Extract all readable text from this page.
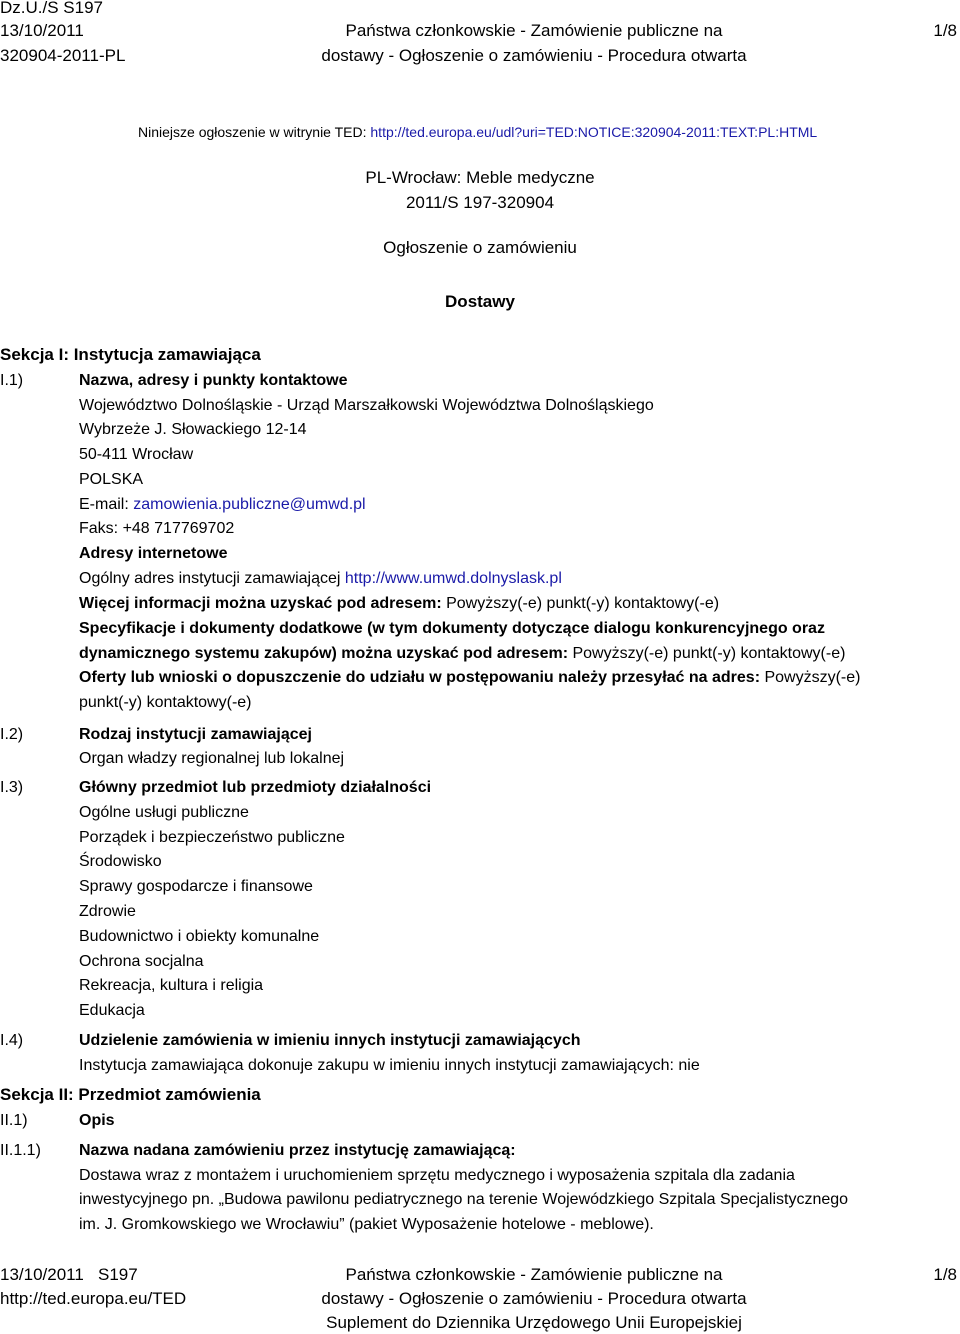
Dz.U./S S197
13/10/2011
320904-2011-PL
Państwa członkowskie - Zamówienie publiczne na
dostawy - Ogłoszenie o zamówieniu - Procedura otwarta
1/8
Niniejsze ogłoszenie w witrynie TED: http://ted.europa.eu/udl?uri=TED:NOTICE:320904-2011:TEXT:PL:HTML
PL-Wrocław: Meble medyczne
2011/S 197-320904
Ogłoszenie o zamówieniu
Dostawy
Sekcja I: Instytucja zamawiająca
I.1)	Nazwa, adresy i punkty kontaktowe
Województwo Dolnośląskie - Urząd Marszałkowski Województwa Dolnośląskiego
Wybrzeże J. Słowackiego 12-14
50-411 Wrocław
POLSKA
E-mail: zamowienia.publiczne@umwd.pl
Faks: +48 717769702
Adresy internetowe
Ogólny adres instytucji zamawiającej http://www.umwd.dolnyslask.pl
Więcej informacji można uzyskać pod adresem: Powyższy(-e) punkt(-y) kontaktowy(-e)
Specyfikacje i dokumenty dodatkowe (w tym dokumenty dotyczące dialogu konkurencyjnego oraz
dynamicznego systemu zakupów) można uzyskać pod adresem: Powyższy(-e) punkt(-y) kontaktowy(-e)
Oferty lub wnioski o dopuszczenie do udziału w postępowaniu należy przesyłać na adres: Powyższy(-e)
punkt(-y) kontaktowy(-e)
I.2)	Rodzaj instytucji zamawiającej
Organ władzy regionalnej lub lokalnej
I.3)	Główny przedmiot lub przedmioty działalności
Ogólne usługi publiczne
Porządek i bezpieczeństwo publiczne
Środowisko
Sprawy gospodarcze i finansowe
Zdrowie
Budownictwo i obiekty komunalne
Ochrona socjalna
Rekreacja, kultura i religia
Edukacja
I.4)	Udzielenie zamówienia w imieniu innych instytucji zamawiających
Instytucja zamawiająca dokonuje zakupu w imieniu innych instytucji zamawiających: nie
Sekcja II: Przedmiot zamówienia
II.1)	Opis
II.1.1) Nazwa nadana zamówieniu przez instytucję zamawiającą:
Dostawa wraz z montażem i uruchomieniem sprzętu medycznego i wyposażenia szpitala dla zadania
inwestycyjnego pn. „Budowa pawilonu pediatrycznego na terenie Wojewódzkiego Szpitala Specjalistycznego
im. J. Gromkowskiego we Wrocławiu” (pakiet Wyposażenie hotelowe - meblowe).
13/10/2011   S197
http://ted.europa.eu/TED
Państwa członkowskie - Zamówienie publiczne na
dostawy - Ogłoszenie o zamówieniu - Procedura otwarta
Suplement do Dziennika Urzędowego Unii Europejskiej
1/8
